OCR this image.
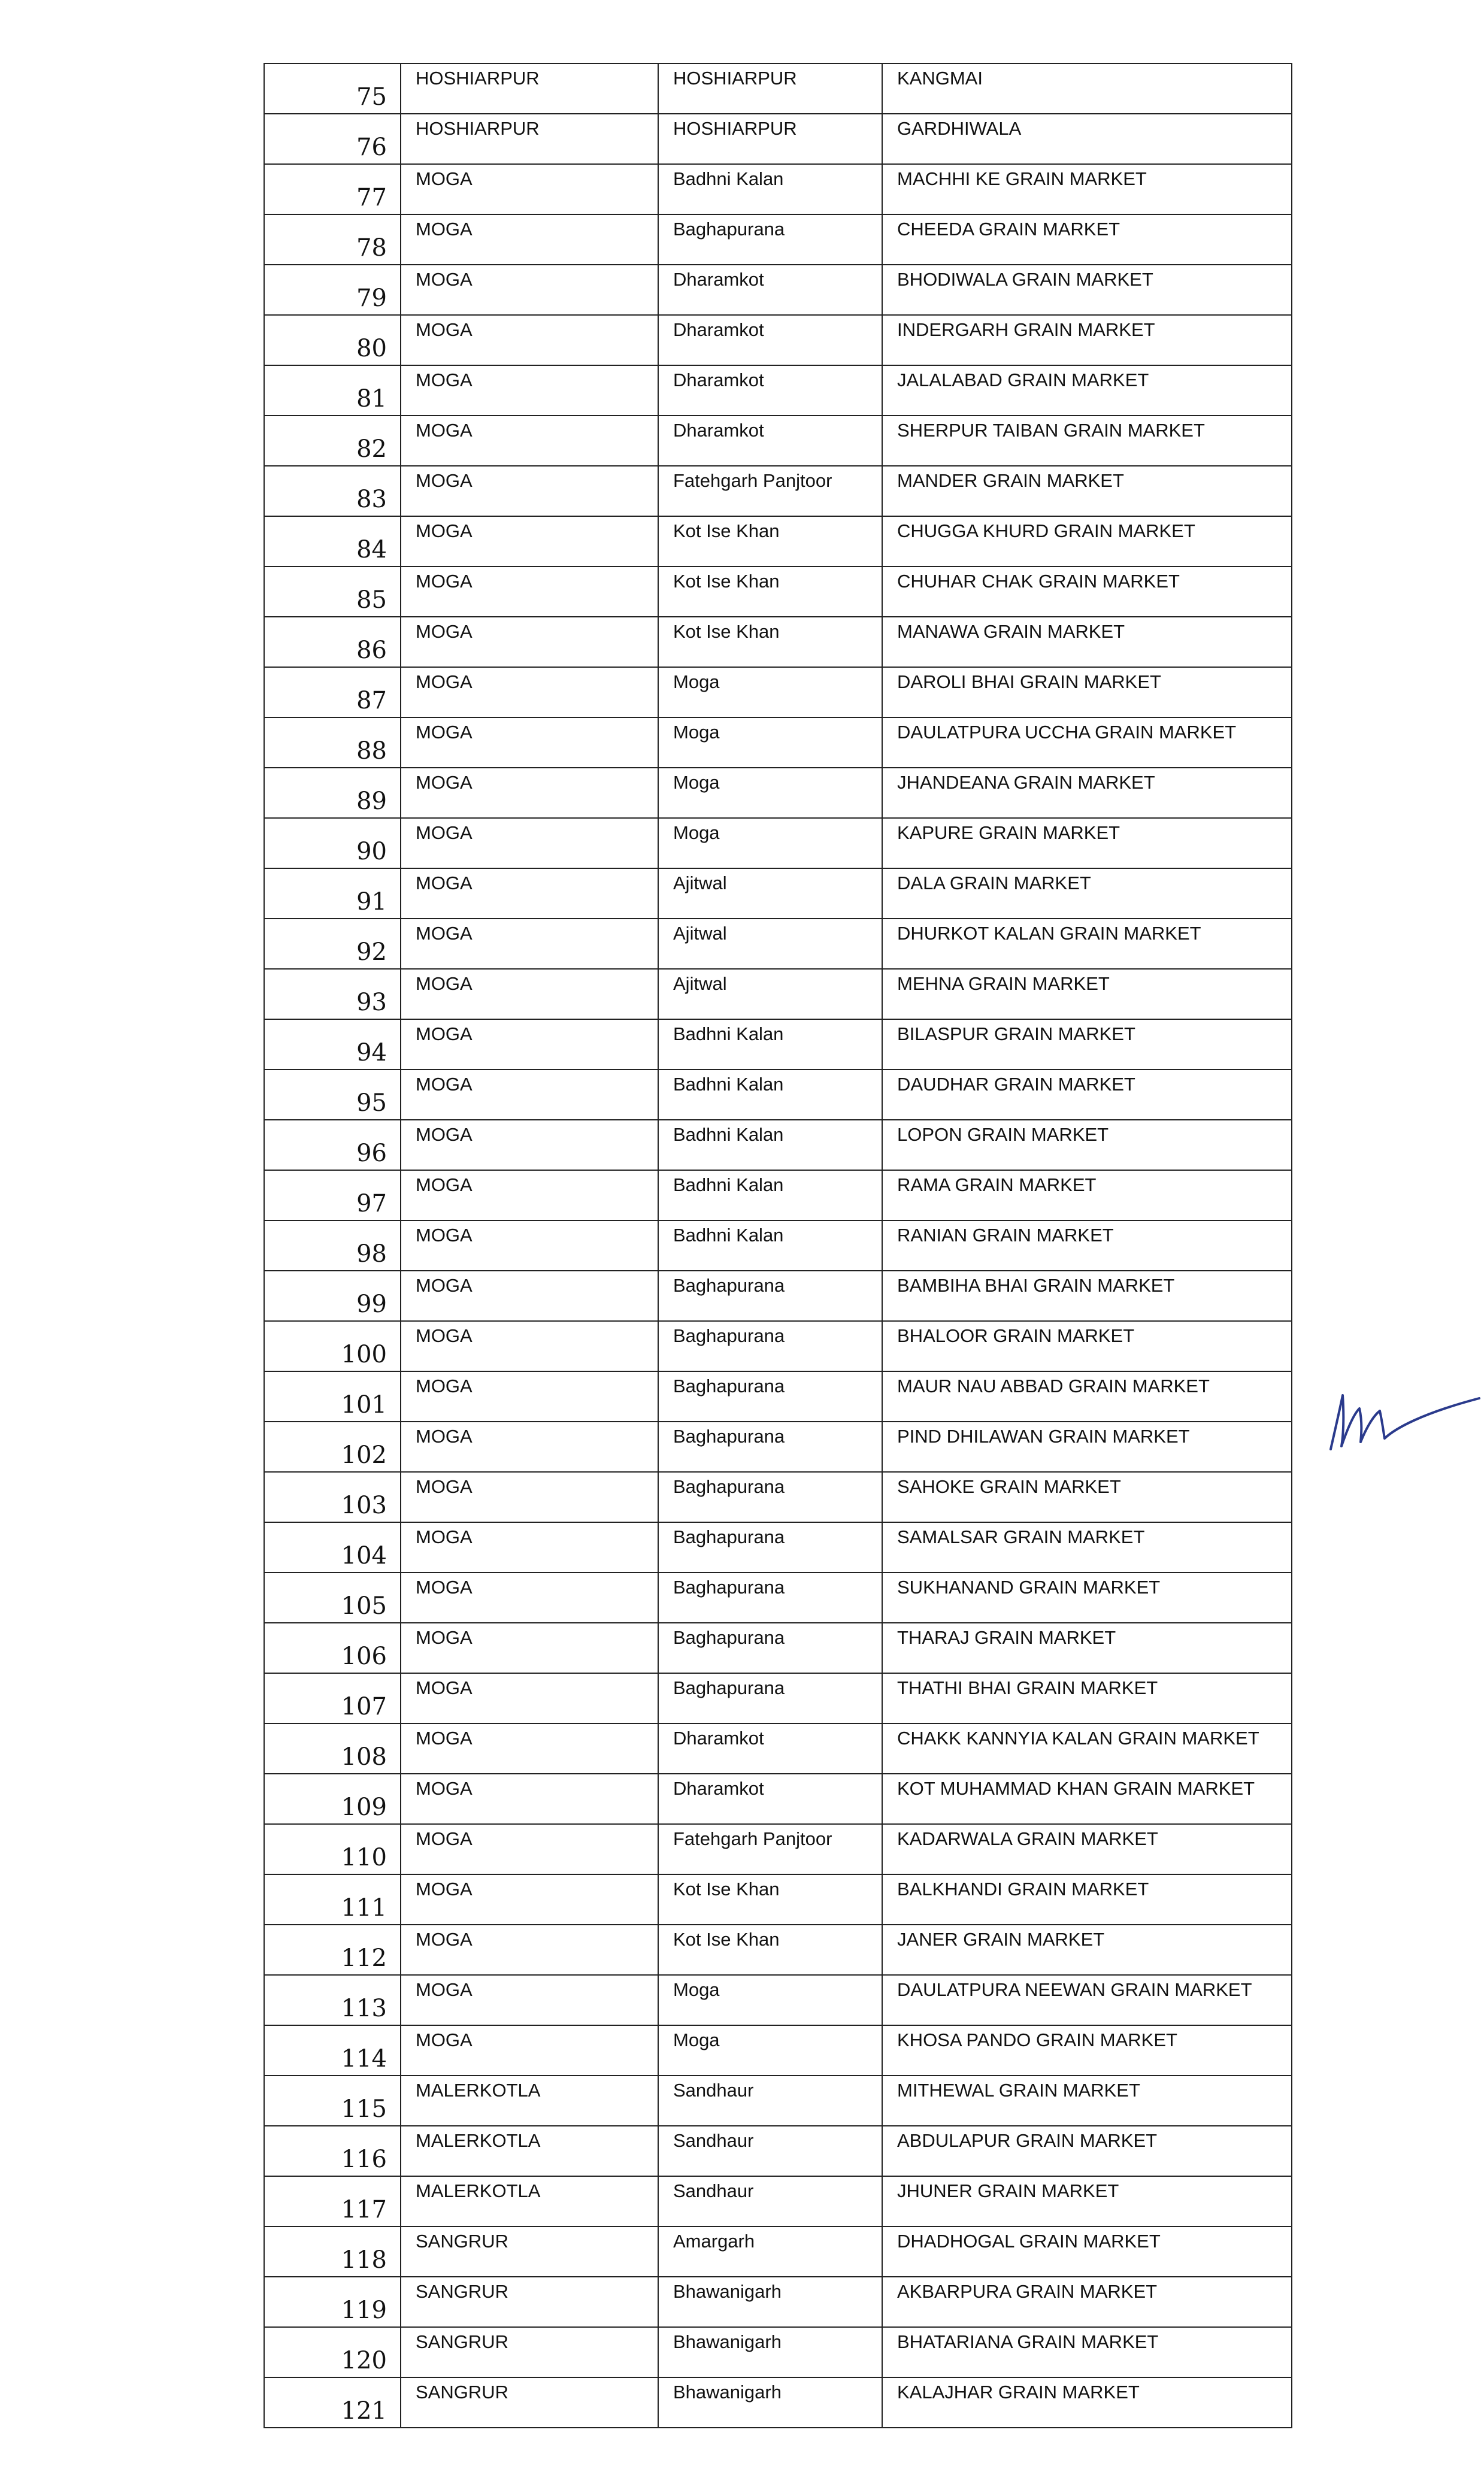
75	HOSHIARPUR	HOSHIARPUR	KANGMAI
76	HOSHIARPUR	HOSHIARPUR	GARDHIWALA
77	MOGA	Badhni Kalan	MACHHI KE GRAIN MARKET
78	MOGA	Baghapurana	CHEEDA GRAIN MARKET
79	MOGA	Dharamkot	BHODIWALA GRAIN MARKET
80	MOGA	Dharamkot	INDERGARH GRAIN MARKET
81	MOGA	Dharamkot	JALALABAD GRAIN MARKET
82	MOGA	Dharamkot	SHERPUR TAIBAN GRAIN MARKET
83	MOGA	Fatehgarh Panjtoor	MANDER GRAIN MARKET
84	MOGA	Kot Ise Khan	CHUGGA KHURD GRAIN MARKET
85	MOGA	Kot Ise Khan	CHUHAR CHAK GRAIN MARKET
86	MOGA	Kot Ise Khan	MANAWA GRAIN MARKET
87	MOGA	Moga	DAROLI BHAI GRAIN MARKET
88	MOGA	Moga	DAULATPURA UCCHA GRAIN MARKET
89	MOGA	Moga	JHANDEANA GRAIN MARKET
90	MOGA	Moga	KAPURE GRAIN MARKET
91	MOGA	Ajitwal	DALA GRAIN MARKET
92	MOGA	Ajitwal	DHURKOT KALAN GRAIN MARKET
93	MOGA	Ajitwal	MEHNA GRAIN MARKET
94	MOGA	Badhni Kalan	BILASPUR GRAIN MARKET
95	MOGA	Badhni Kalan	DAUDHAR GRAIN MARKET
96	MOGA	Badhni Kalan	LOPON GRAIN MARKET
97	MOGA	Badhni Kalan	RAMA GRAIN MARKET
98	MOGA	Badhni Kalan	RANIAN GRAIN MARKET
99	MOGA	Baghapurana	BAMBIHA BHAI GRAIN MARKET
100	MOGA	Baghapurana	BHALOOR GRAIN MARKET
101	MOGA	Baghapurana	MAUR NAU ABBAD GRAIN MARKET
102	MOGA	Baghapurana	PIND DHILAWAN GRAIN MARKET
103	MOGA	Baghapurana	SAHOKE GRAIN MARKET
104	MOGA	Baghapurana	SAMALSAR GRAIN MARKET
105	MOGA	Baghapurana	SUKHANAND GRAIN MARKET
106	MOGA	Baghapurana	THARAJ GRAIN MARKET
107	MOGA	Baghapurana	THATHI BHAI GRAIN MARKET
108	MOGA	Dharamkot	CHAKK KANNYIA KALAN GRAIN MARKET
109	MOGA	Dharamkot	KOT MUHAMMAD KHAN GRAIN MARKET
110	MOGA	Fatehgarh Panjtoor	KADARWALA GRAIN MARKET
111	MOGA	Kot Ise Khan	BALKHANDI GRAIN MARKET
112	MOGA	Kot Ise Khan	JANER GRAIN MARKET
113	MOGA	Moga	DAULATPURA NEEWAN GRAIN MARKET
114	MOGA	Moga	KHOSA PANDO GRAIN MARKET
115	MALERKOTLA	Sandhaur	MITHEWAL GRAIN MARKET
116	MALERKOTLA	Sandhaur	ABDULAPUR GRAIN MARKET
117	MALERKOTLA	Sandhaur	JHUNER GRAIN MARKET
118	SANGRUR	Amargarh	DHADHOGAL GRAIN MARKET
119	SANGRUR	Bhawanigarh	AKBARPURA GRAIN MARKET
120	SANGRUR	Bhawanigarh	BHATARIANA GRAIN MARKET
121	SANGRUR	Bhawanigarh	KALAJHAR GRAIN MARKET
